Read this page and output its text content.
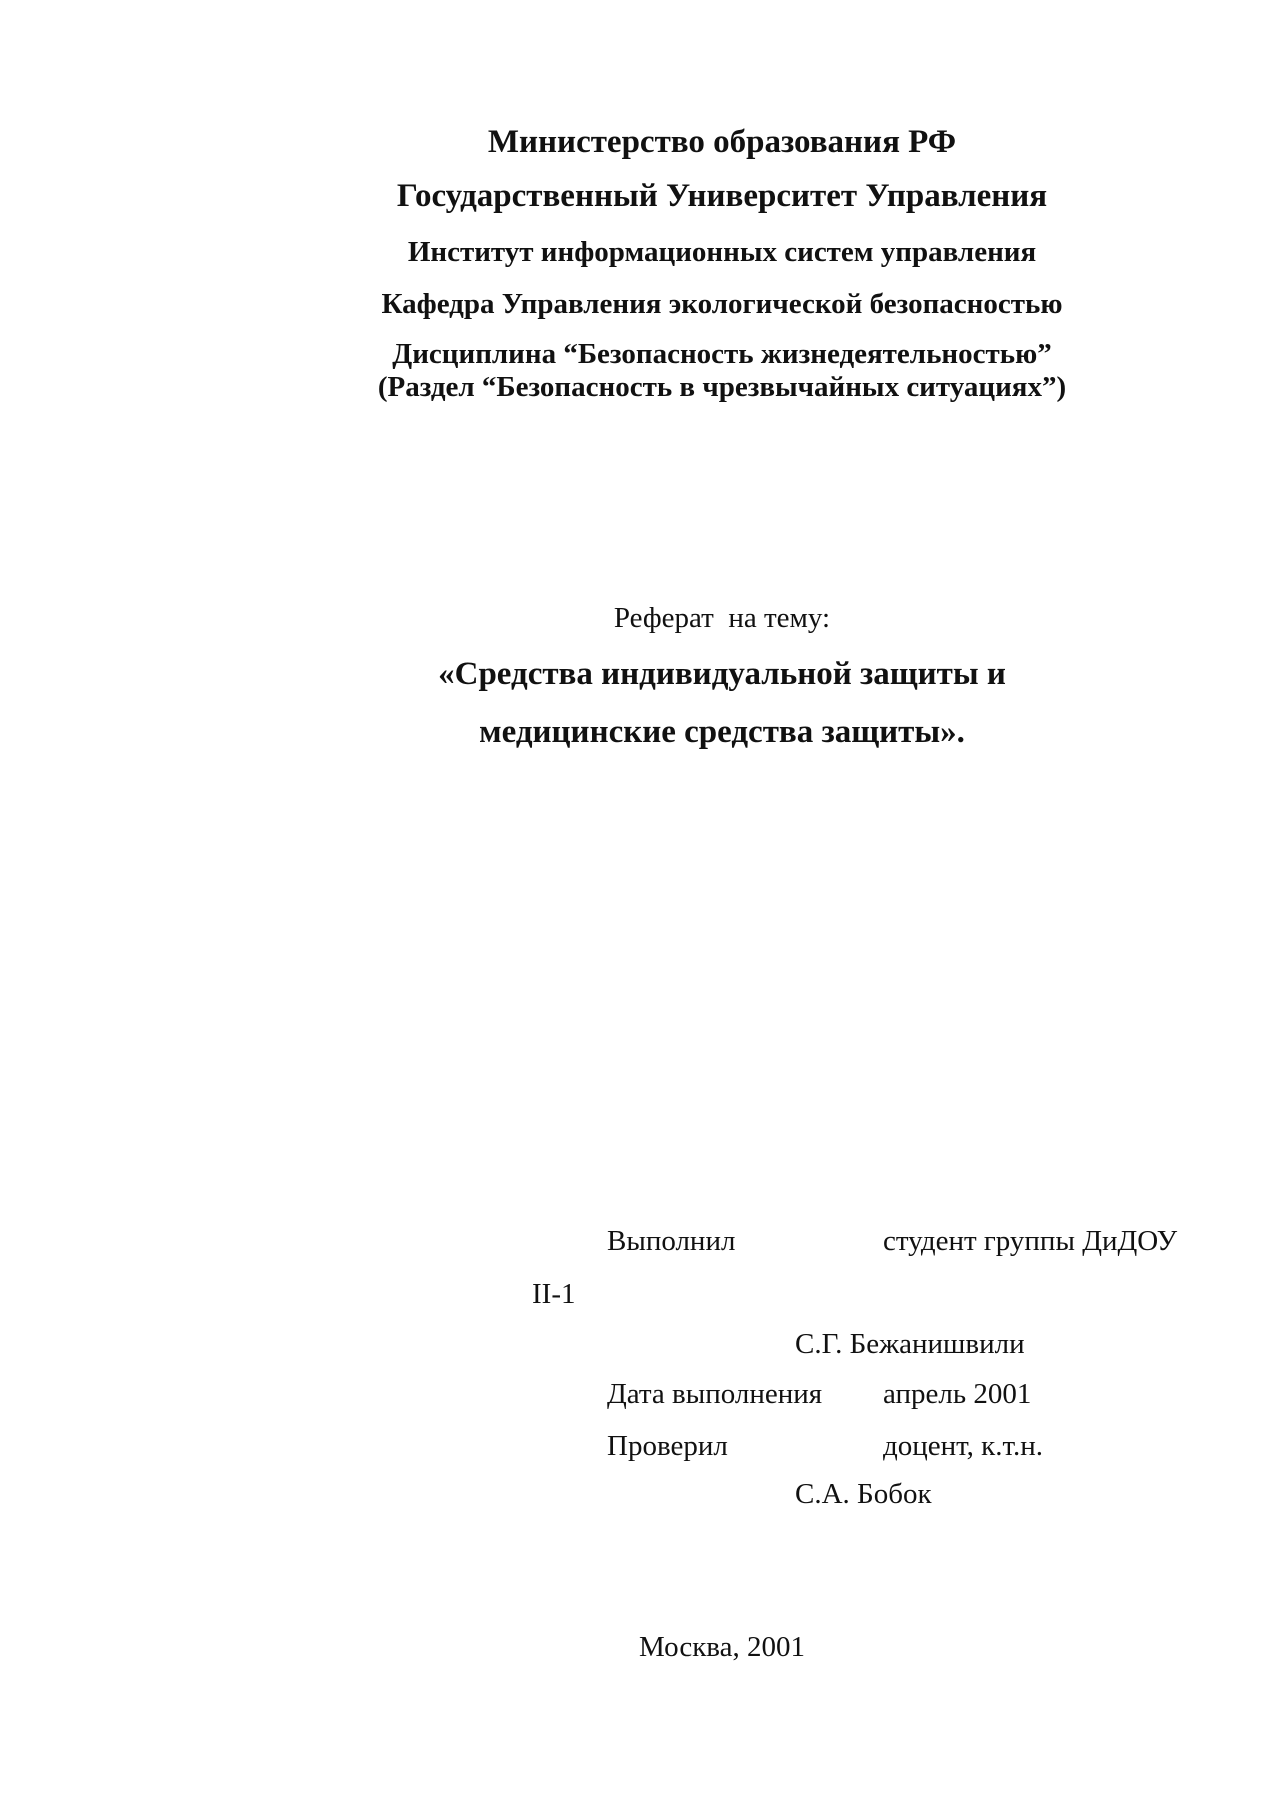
Министерство образования РФ
Государственный Университет Управления
Институт информационных систем управления
Кафедра Управления экологической безопасностью
Дисциплина “Безопасность жизнедеятельностью”
(Раздел “Безопасность в чрезвычайных ситуациях”)
Реферат  на тему:
«Средства индивидуальной защиты и
медицинские средства защиты».
Выполнил	студент группы ДиДОУ
II-1
С.Г. Бежанишвили
Дата выполнения апрель 2001
Проверил	доцент, к.т.н.
С.А. Бобок
Москва, 2001
